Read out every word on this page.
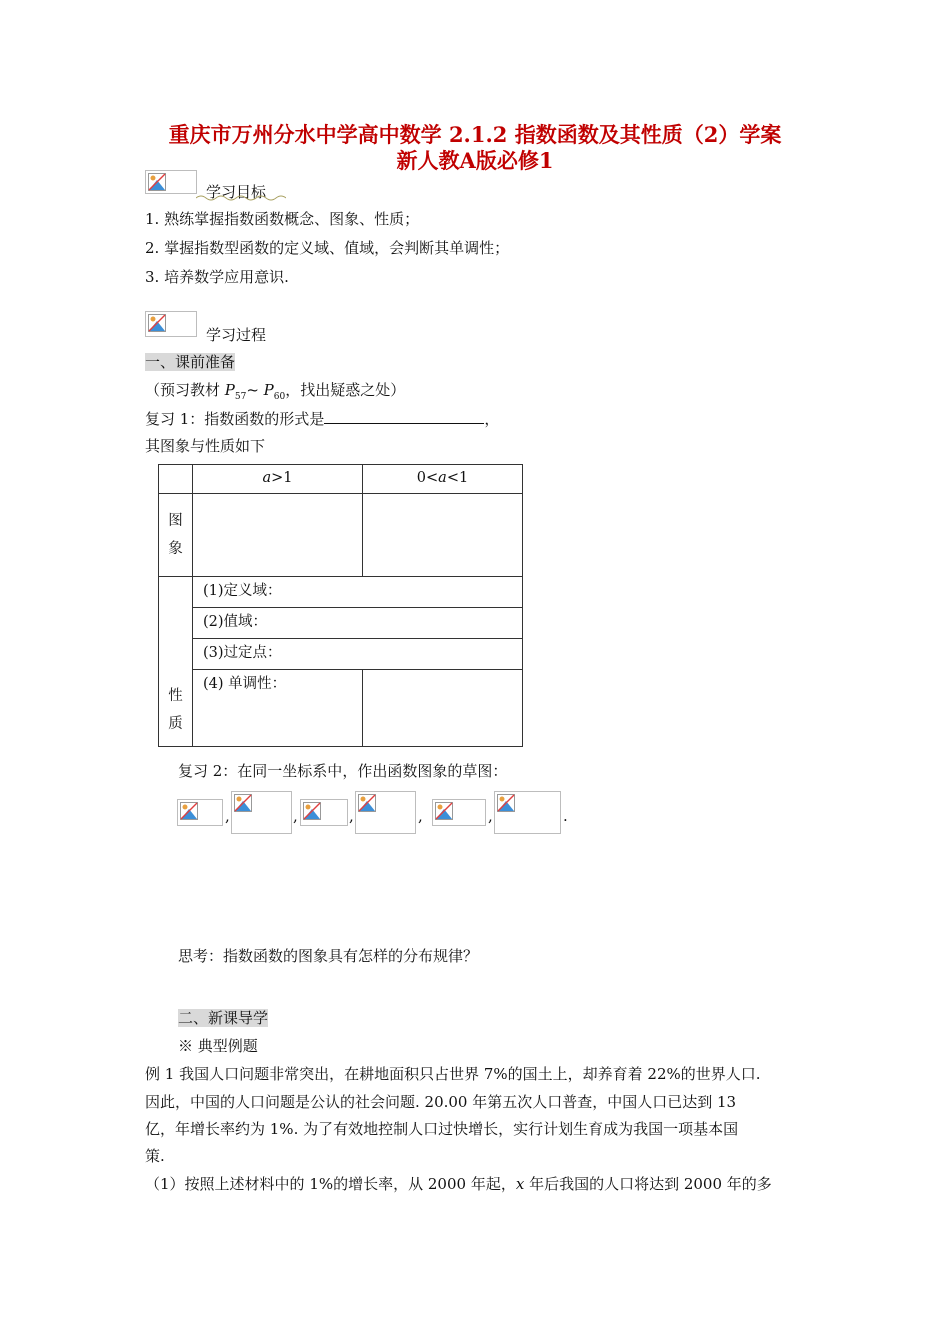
重庆市万州分水中学高中数学 2.1.2 指数函数及其性质（2）学案
新人教A版必修1
学习目标
1. 熟练掌握指数函数概念、图象、性质；
2. 掌握指数型函数的定义域、值域，会判断其单调性；
3. 培养数学应用意识.
学习过程
一、课前准备
（预习教材 $P_{57}\sim$ $P_{60}$，找出疑惑之处）
复习 1：指数函数的形式是	，
其图象与性质如下
	a>1	0<a<1
图
象		
性
质	(1)定义域：	
	(2)值域：	
	(3)过定点：	
	(4) 单调性：	
复习 2：在同一坐标系中，作出函数图象的草图：
,	,	,	,	,	.
思考：指数函数的图象具有怎样的分布规律？
二、新课导学
※ 典型例题
例 1 我国人口问题非常突出，在耕地面积只占世界 7%的国土上，却养育着 22%的世界人口.
因此，中国的人口问题是公认的社会问题. 20.00 年第五次人口普查，中国人口已达到 13
亿，年增长率约为 1%. 为了有效地控制人口过快增长，实行计划生育成为我国一项基本国
策.
（1）按照上述材料中的 1%的增长率，从 2000 年起，x 年后我国的人口将达到 2000 年的多
